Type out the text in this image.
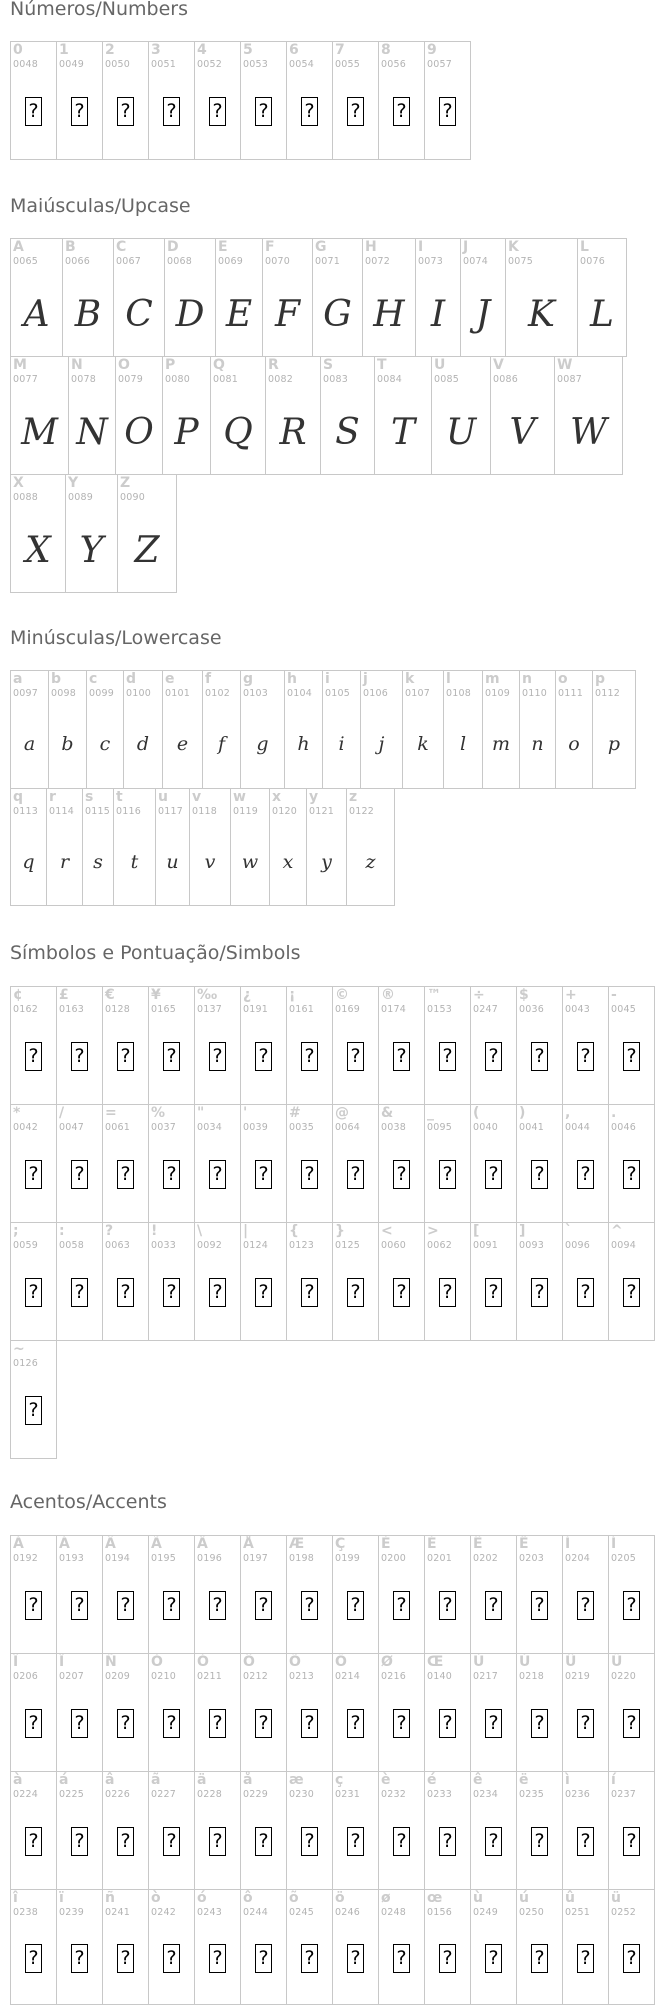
Números/Numbers
0
0048
?
1
0049
?
2
0050
?
3
0051
?
4
0052
?
5
0053
?
6
0054
?
7
0055
?
8
0056
?
9
0057
?
Maiúsculas/Upcase
A
0065
A
B
0066
B
C
0067
C
D
0068
D
E
0069
E
F
0070
F
G
0071
G
H
0072
H
I
0073
I
J
0074
J
K
0075
K
L
0076
L
M
0077
M
N
0078
N
O
0079
O
P
0080
P
Q
0081
Q
R
0082
R
S
0083
S
T
0084
T
U
0085
U
V
0086
V
W
0087
W
X
0088
X
Y
0089
Y
Z
0090
Z
Minúsculas/Lowercase
a
0097
a
b
0098
b
c
0099
c
d
0100
d
e
0101
e
f
0102
f
g
0103
g
h
0104
h
i
0105
i
j
0106
j
k
0107
k
l
0108
l
m
0109
m
n
0110
n
o
0111
o
p
0112
p
q
0113
q
r
0114
r
s
0115
s
t
0116
t
u
0117
u
v
0118
v
w
0119
w
x
0120
x
y
0121
y
z
0122
z
Símbolos e Pontuação/Simbols
¢
0162
?
£
0163
?
€
0128
?
¥
0165
?
‰
0137
?
¿
0191
?
¡
0161
?
©
0169
?
®
0174
?
™
0153
?
÷
0247
?
$
0036
?
+
0043
?
-
0045
?
*
0042
?
/
0047
?
=
0061
?
%
0037
?
"
0034
?
'
0039
?
#
0035
?
@
0064
?
&
0038
?
_
0095
?
(
0040
?
)
0041
?
,
0044
?
.
0046
?
;
0059
?
:
0058
?
?
0063
?
!
0033
?
\
0092
?
|
0124
?
{
0123
?
}
0125
?
<
0060
?
>
0062
?
[
0091
?
]
0093
?
`
0096
?
^
0094
?
~
0126
?
Acentos/Accents
À
0192
?
Á
0193
?
Â
0194
?
Ã
0195
?
Ä
0196
?
Å
0197
?
Æ
0198
?
Ç
0199
?
È
0200
?
É
0201
?
Ê
0202
?
Ë
0203
?
Ì
0204
?
Í
0205
?
Î
0206
?
Ï
0207
?
Ñ
0209
?
Ò
0210
?
Ó
0211
?
Ô
0212
?
Õ
0213
?
Ö
0214
?
Ø
0216
?
Œ
0140
?
Ù
0217
?
Ú
0218
?
Û
0219
?
Ü
0220
?
à
0224
?
á
0225
?
â
0226
?
ã
0227
?
ä
0228
?
å
0229
?
æ
0230
?
ç
0231
?
è
0232
?
é
0233
?
ê
0234
?
ë
0235
?
ì
0236
?
í
0237
?
î
0238
?
ï
0239
?
ñ
0241
?
ò
0242
?
ó
0243
?
ô
0244
?
õ
0245
?
ö
0246
?
ø
0248
?
œ
0156
?
ù
0249
?
ú
0250
?
û
0251
?
ü
0252
?
